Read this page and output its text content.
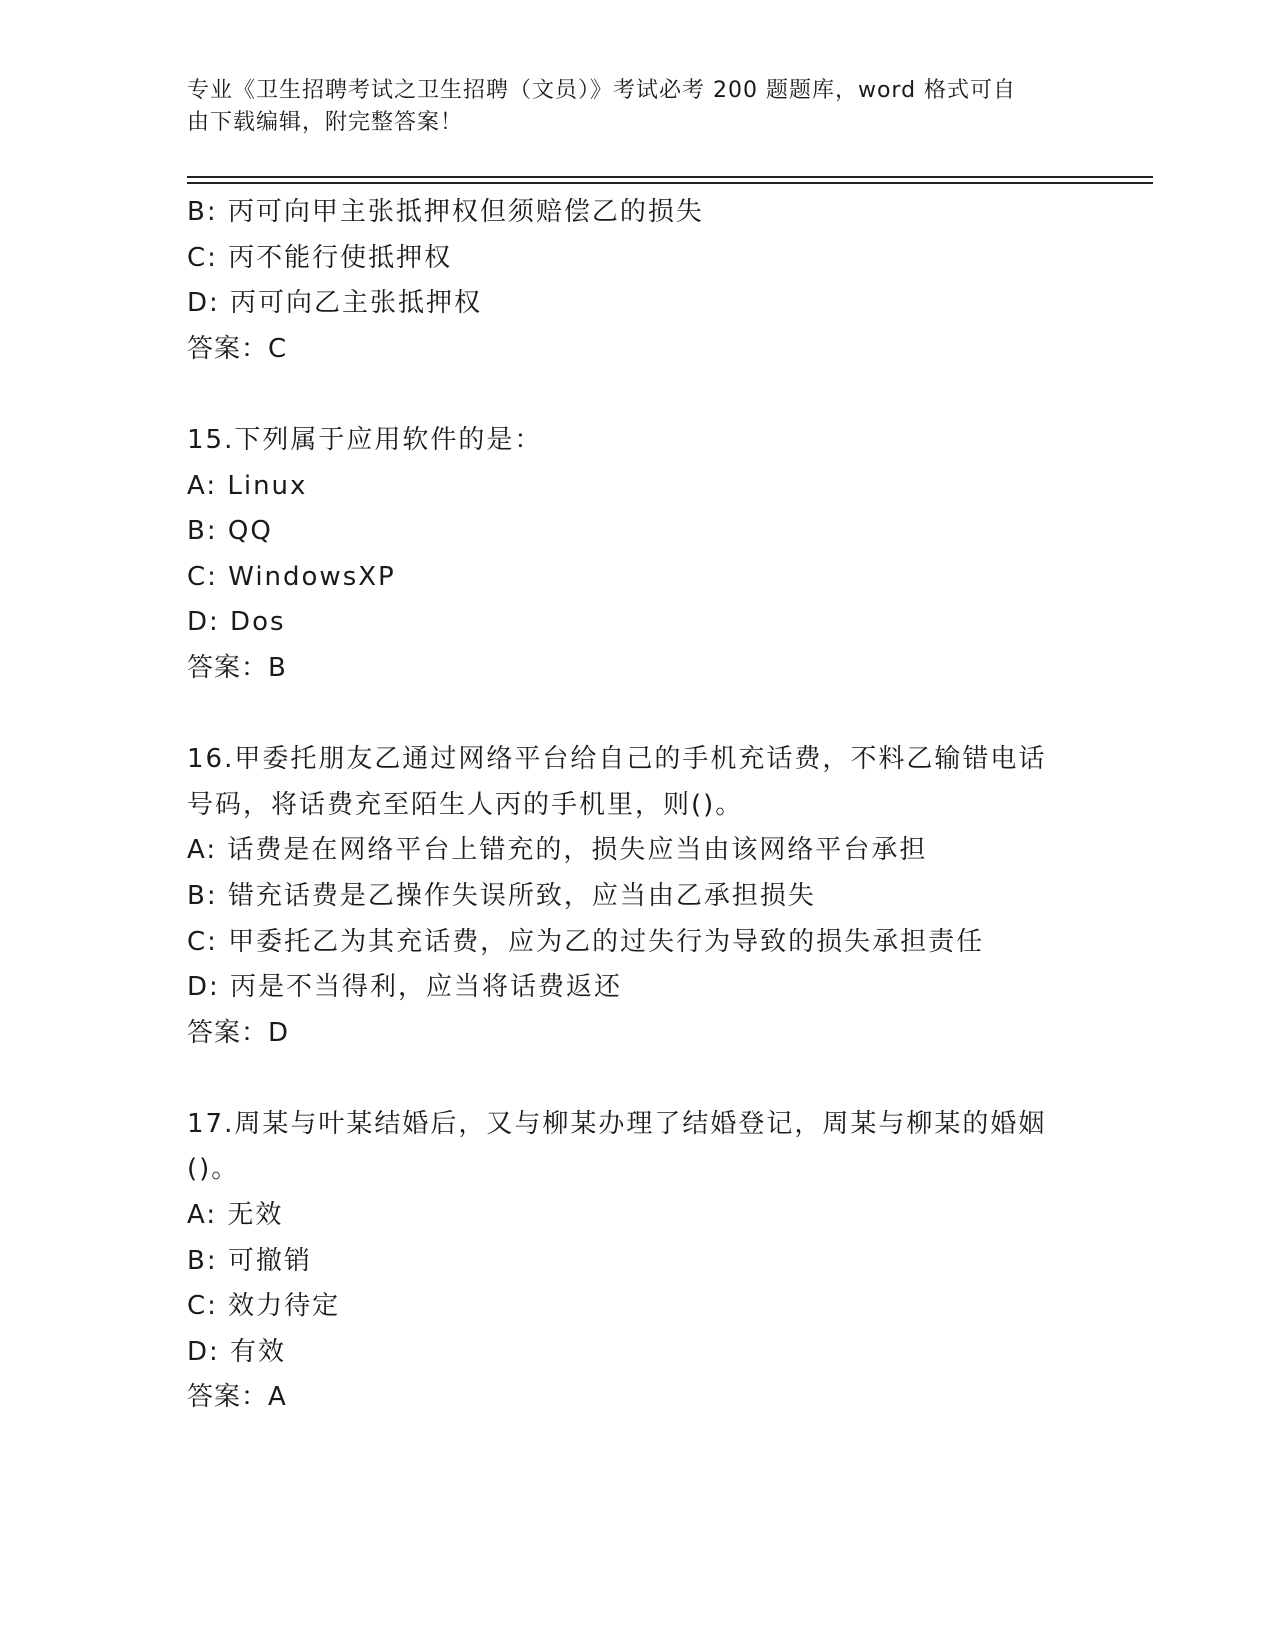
专业《卫生招聘考试之卫生招聘（文员）》考试必考 200 题题库，word 格式可自
由下载编辑，附完整答案！
B: 丙可向甲主张抵押权但须赔偿乙的损失
C: 丙不能行使抵押权
D: 丙可向乙主张抵押权
答案：C
15.下列属于应用软件的是：
A: Linux
B: QQ
C: WindowsXP
D: Dos
答案：B
16.甲委托朋友乙通过网络平台给自己的手机充话费，不料乙输错电话
号码，将话费充至陌生人丙的手机里，则()。
A: 话费是在网络平台上错充的，损失应当由该网络平台承担
B: 错充话费是乙操作失误所致，应当由乙承担损失
C: 甲委托乙为其充话费，应为乙的过失行为导致的损失承担责任
D: 丙是不当得利，应当将话费返还
答案：D
17.周某与叶某结婚后，又与柳某办理了结婚登记，周某与柳某的婚姻
()。
A: 无效
B: 可撤销
C: 效力待定
D: 有效
答案：A
